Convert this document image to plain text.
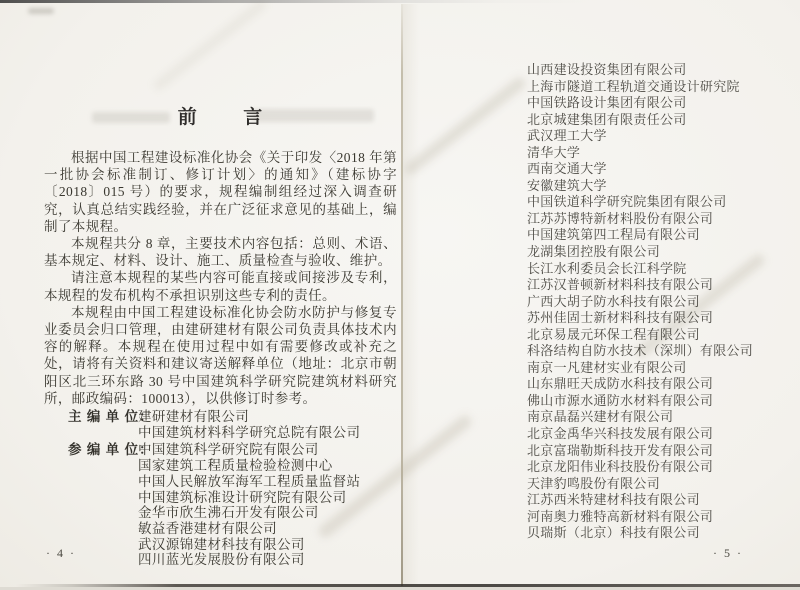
前 言

根据中国工程建设标准化协会《关于印发〈2018 年第一批协会标准制订、修订计划〉的通知》（建标协字〔2018〕015 号）的要求，规程编制组经过深入调查研究，认真总结实践经验，并在广泛征求意见的基础上，编制了本规程。

本规程共分 8 章，主要技术内容包括：总则、术语、基本规定、材料、设计、施工、质量检查与验收、维护。

请注意本规程的某些内容可能直接或间接涉及专利，本规程的发布机构不承担识别这些专利的责任。

本规程由中国工程建设标准化协会防水防护与修复专业委员会归口管理，由建研建材有限公司负责具体技术内容的解释。本规程在使用过程中如有需要修改或补充之处，请将有关资料和建议寄送解释单位（地址：北京市朝阳区北三环东路 30 号中国建筑科学研究院建筑材料研究所，邮政编码：100013），以供修订时参考。

主 编 单 位：
建研建材有限公司
中国建筑材料科学研究总院有限公司
参 编 单 位：
中国建筑科学研究院有限公司
国家建筑工程质量检验检测中心
中国人民解放军海军工程质量监督站
中国建筑标准设计研究院有限公司
金华市欣生沸石开发有限公司
敏益香港建材有限公司
武汉源锦建材科技有限公司
四川蓝光发展股份有限公司
· 4 ·
山西建设投资集团有限公司
上海市隧道工程轨道交通设计研究院
中国铁路设计集团有限公司
北京城建集团有限责任公司
武汉理工大学
清华大学
西南交通大学
安徽建筑大学
中国铁道科学研究院集团有限公司
江苏苏博特新材料股份有限公司
中国建筑第四工程局有限公司
龙湖集团控股有限公司
长江水利委员会长江科学院
江苏汉普顿新材料科技有限公司
广西大胡子防水科技有限公司
苏州佳固士新材料科技有限公司
北京易晟元环保工程有限公司
科洛结构自防水技术（深圳）有限公司
南京一凡建材实业有限公司
山东鼎旺天成防水科技有限公司
佛山市源水通防水材料有限公司
南京晶磊兴建材有限公司
北京金禹华兴科技发展有限公司
北京富瑞勒斯科技开发有限公司
北京龙阳伟业科技股份有限公司
天津豹鸣股份有限公司
江苏西米特建材科技有限公司
河南奥力雅特高新材料有限公司
贝瑞斯（北京）科技有限公司
· 5 ·
